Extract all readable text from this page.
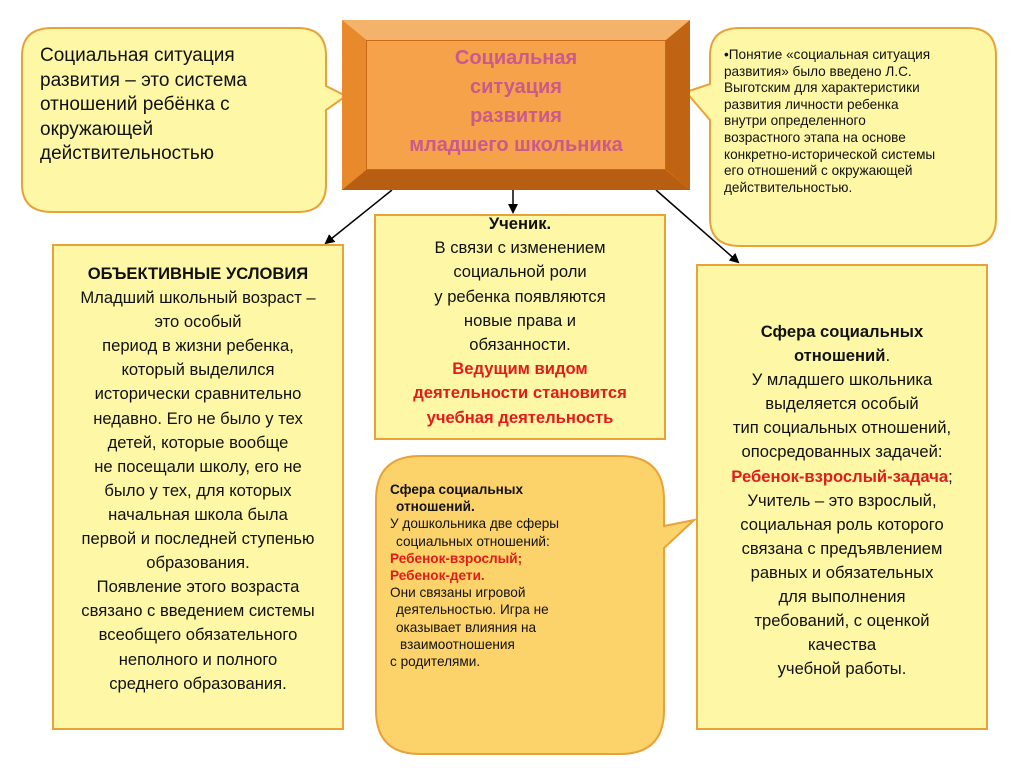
Социальная ситуация
развития – это система
отношений ребёнка с
окружающей
действительностью
•Понятие «социальная ситуация
развития» было введено Л.С.
Выготским для характеристики
развития личности ребенка
внутри определенного
возрастного этапа на основе
конкретно-исторической системы
его отношений с окружающей
действительностью.
Социальная
ситуация
развития
младшего школьника
ОБЪЕКТИВНЫЕ УСЛОВИЯ
Младший школьный возраст –
это особый
период в жизни ребенка,
который выделился
исторически сравнительно
недавно. Его не было у тех
детей, которые вообще
не посещали школу, его не
было у тех, для которых
начальная школа была
первой и последней ступенью
образования.
Появление этого возраста
связано с введением системы
всеобщего обязательного
неполного и полного
среднего образования.
Ученик.
В связи с изменением
социальной роли
у ребенка появляются
новые права и
обязанности.
Ведущим видом
деятельности становится
учебная деятельность
Сфера социальных
отношений.
У дошкольника две сферы
социальных отношений:
Ребенок-взрослый;
Ребенок-дети.
Они связаны игровой
деятельностью. Игра не
оказывает влияния на
взаимоотношения
с родителями.
Сфера социальных
отношений.
У младшего школьника
выделяется особый
тип социальных отношений,
опосредованных задачей:
Ребенок-взрослый-задача;
Учитель – это взрослый,
социальная роль которого
связана с предъявлением
равных и обязательных
для выполнения
требований, с оценкой
качества
учебной работы.
